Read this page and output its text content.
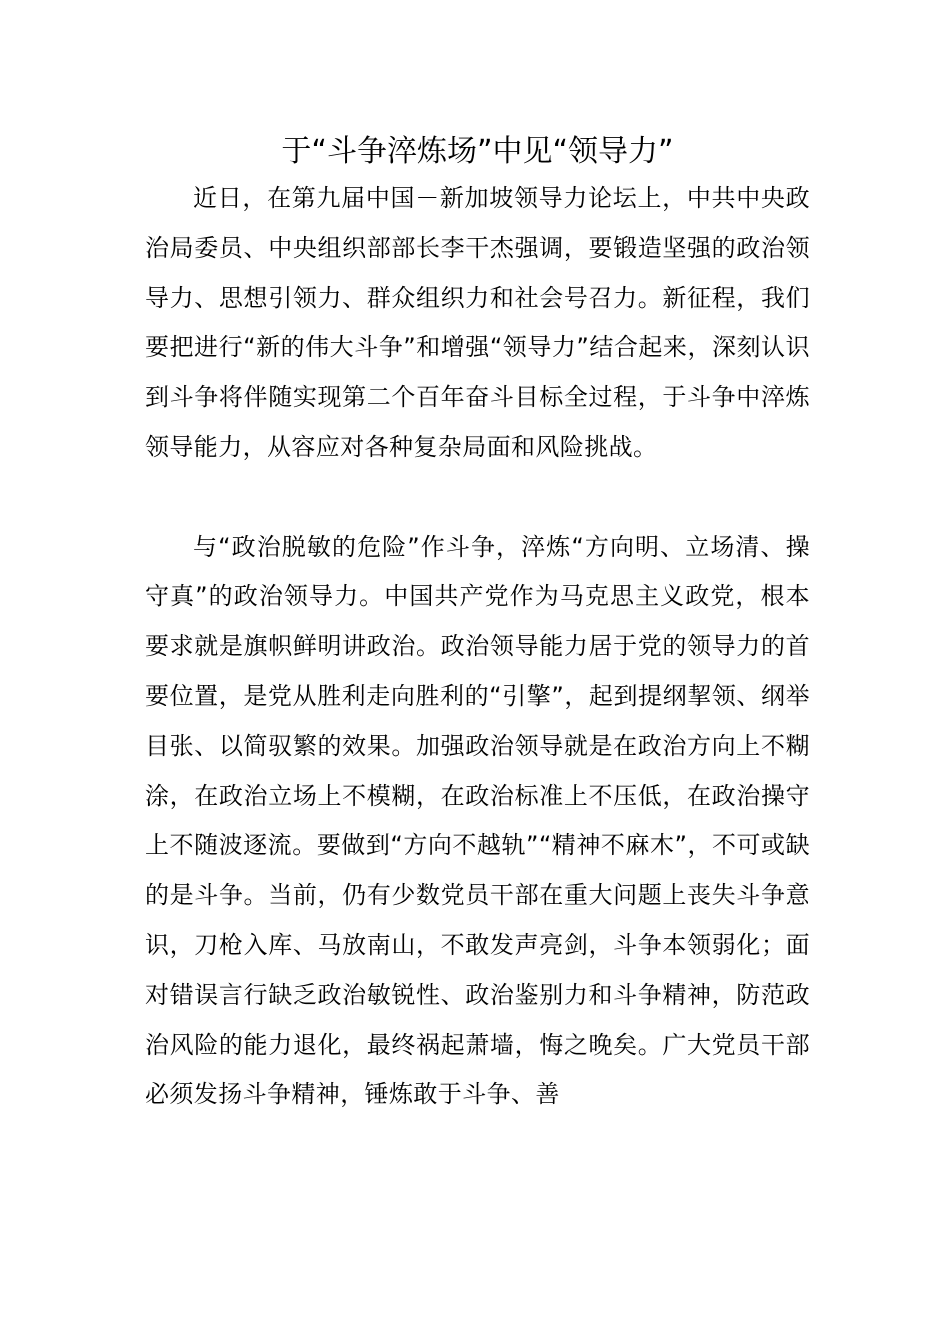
于“斗争淬炼场”中见“领导力”

近日，在第九届中国－新加坡领导力论坛上，中共中央政治局委员、中央组织部部长李干杰强调，要锻造坚强的政治领导力、思想引领力、群众组织力和社会号召力。新征程，我们要把进行“新的伟大斗争”和增强“领导力”结合起来，深刻认识到斗争将伴随实现第二个百年奋斗目标全过程，于斗争中淬炼领导能力，从容应对各种复杂局面和风险挑战。

与“政治脱敏的危险”作斗争，淬炼“方向明、立场清、操守真”的政治领导力。中国共产党作为马克思主义政党，根本要求就是旗帜鲜明讲政治。政治领导能力居于党的领导力的首要位置，是党从胜利走向胜利的“引擎”，起到提纲挈领、纲举目张、以简驭繁的效果。加强政治领导就是在政治方向上不糊涂，在政治立场上不模糊，在政治标准上不压低，在政治操守上不随波逐流。要做到“方向不越轨”“精神不麻木”，不可或缺的是斗争。当前，仍有少数党员干部在重大问题上丧失斗争意识，刀枪入库、马放南山，不敢发声亮剑，斗争本领弱化；面对错误言行缺乏政治敏锐性、政治鉴别力和斗争精神，防范政治风险的能力退化，最终祸起萧墙，悔之晚矣。广大党员干部必须发扬斗争精神，锤炼敢于斗争、善
